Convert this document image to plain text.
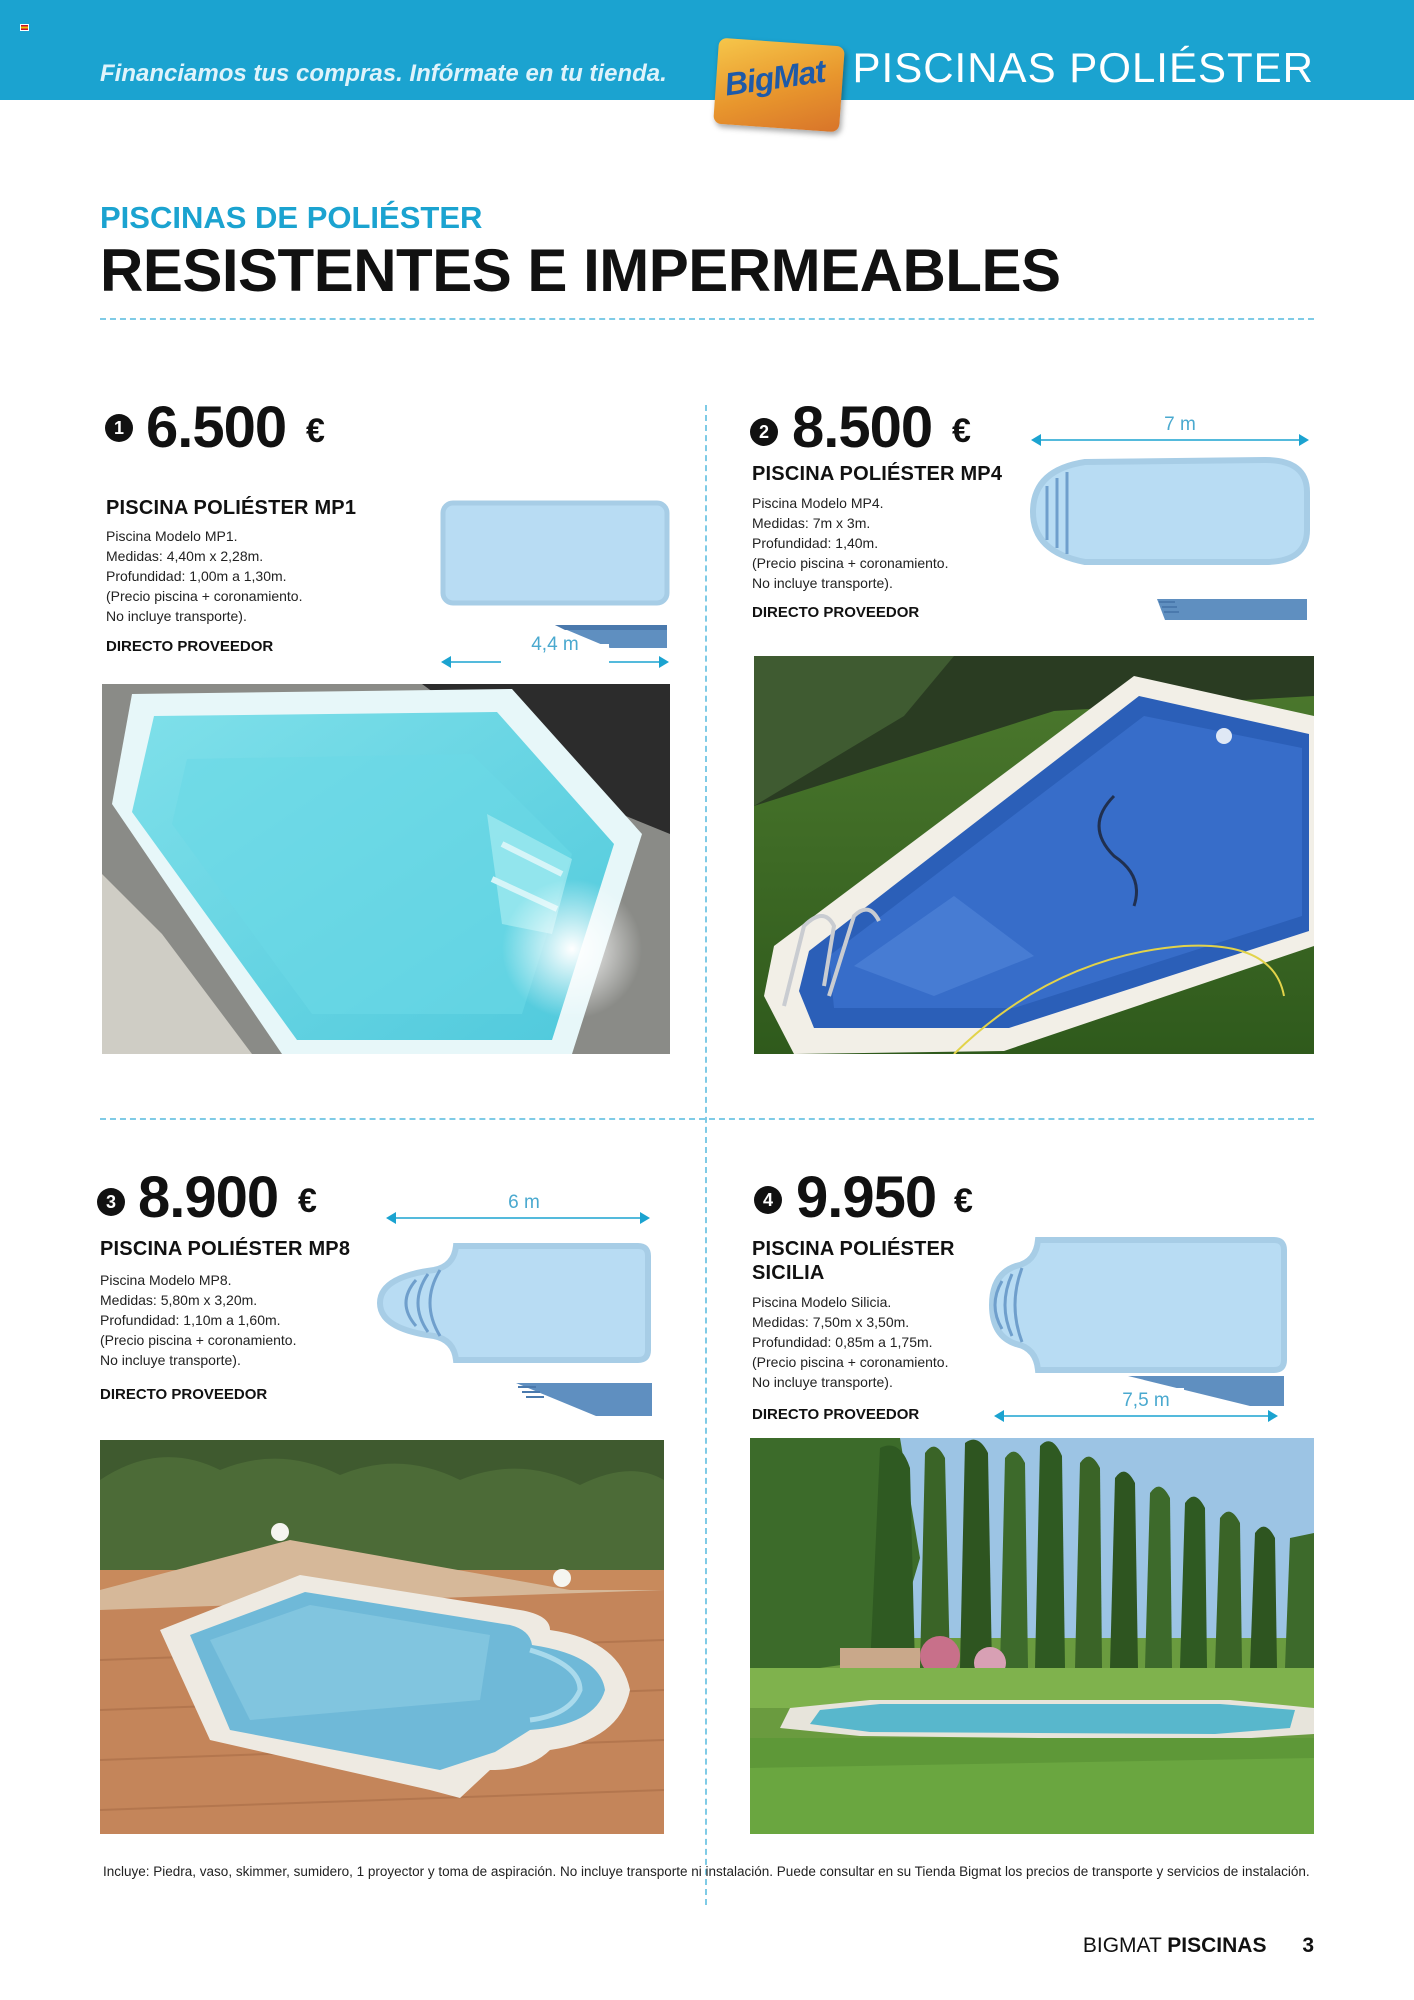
Financiamos tus compras. Infórmate en tu tienda.	PISCINAS POLIÉSTER
BigMat
PISCINAS DE POLIÉSTER
RESISTENTES E IMPERMEABLES
1 6.500 €
PISCINA POLIÉSTER MP1
Piscina Modelo MP1.
Medidas: 4,40m x 2,28m.
Profundidad: 1,00m a 1,30m.
(Precio piscina + coronamiento.
No incluye transporte).
DIRECTO PROVEEDOR	4,4 m
2 8.500 €
PISCINA POLIÉSTER MP4
Piscina Modelo MP4.
Medidas: 7m x 3m.
Profundidad: 1,40m.
(Precio piscina + coronamiento.
No incluye transporte).
DIRECTO PROVEEDOR
7 m
3 8.900 €
PISCINA POLIÉSTER MP8
Piscina Modelo MP8.
Medidas: 5,80m x 3,20m.
Profundidad: 1,10m a 1,60m.
(Precio piscina + coronamiento.
No incluye transporte).
DIRECTO PROVEEDOR
6 m	4 9.950 €
PISCINA POLIÉSTER
SICILIA
Piscina Modelo Silicia.
Medidas: 7,50m x 3,50m.
Profundidad: 0,85m a 1,75m.
(Precio piscina + coronamiento.
No incluye transporte).
DIRECTO PROVEEDOR
7,5 m
Incluye: Piedra, vaso, skimmer, sumidero, 1 proyector y toma de aspiración. No incluye transporte ni instalación. Puede consultar en su Tienda Bigmat los precios de transporte y servicios de instalación.
BIGMAT PISCINAS 3
